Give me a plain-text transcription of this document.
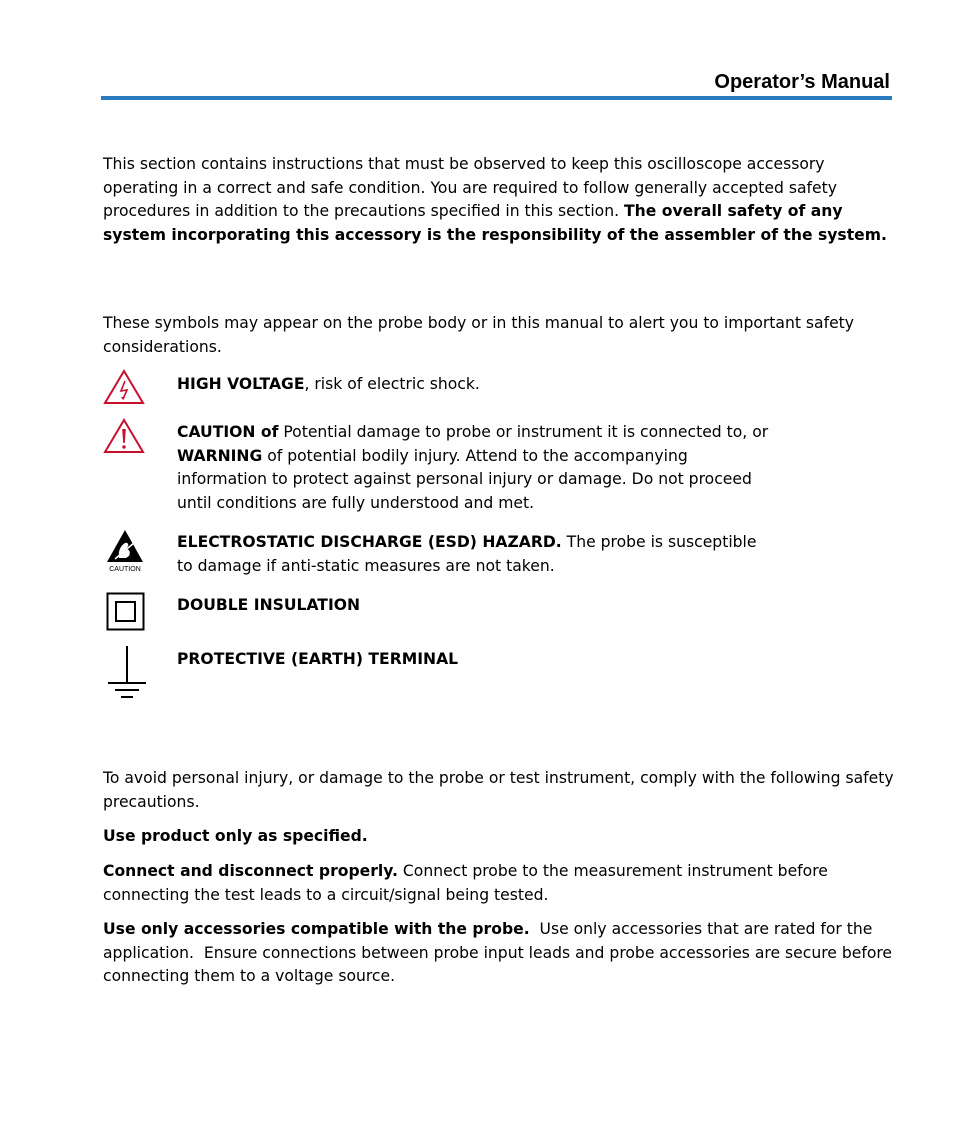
Operator’s Manual
This section contains instructions that must be observed to keep this oscilloscope accessory operating in a correct and safe condition. You are required to follow generally accepted safety procedures in addition to the precautions specified in this section. The overall safety of any system incorporating this accessory is the responsibility of the assembler of the system.
These symbols may appear on the probe body or in this manual to alert you to important safety considerations.
HIGH VOLTAGE, risk of electric shock.
CAUTION of Potential damage to probe or instrument it is connected to, or WARNING of potential bodily injury. Attend to the accompanying information to protect against personal injury or damage. Do not proceed until conditions are fully understood and met.
CAUTION
ELECTROSTATIC DISCHARGE (ESD) HAZARD. The probe is susceptible to damage if anti-static measures are not taken.
DOUBLE INSULATION
PROTECTIVE (EARTH) TERMINAL
To avoid personal injury, or damage to the probe or test instrument, comply with the following safety precautions.
Use product only as specified.
Connect and disconnect properly. Connect probe to the measurement instrument before connecting the test leads to a circuit/signal being tested.
Use only accessories compatible with the probe.  Use only accessories that are rated for the application.  Ensure connections between probe input leads and probe accessories are secure before connecting them to a voltage source.
